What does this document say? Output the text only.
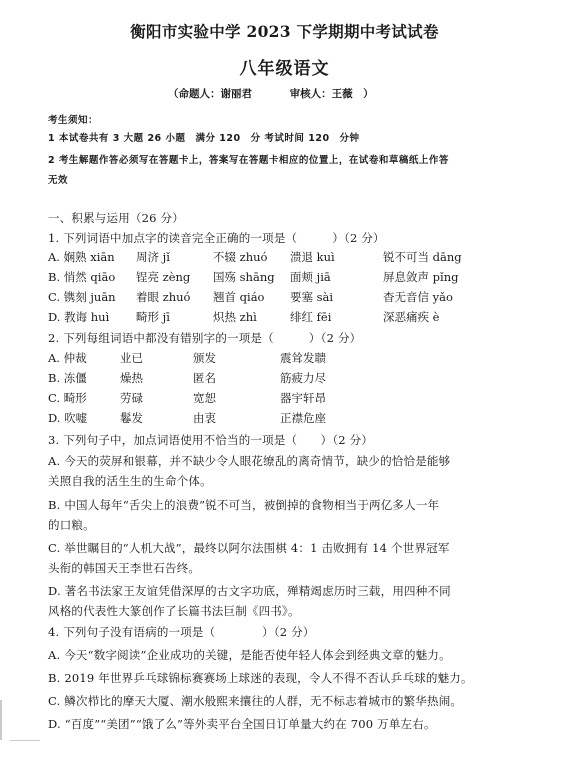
衡阳市实验中学 2023 下学期期中考试试卷
八年级语文
（命题人：谢丽君	审核人：王薇　）
考生须知：
1 本试卷共有 3 大题 26 小题　满分 120　分 考试时间 120　分钟
2 考生解题作答必须写在答题卡上，答案写在答题卡相应的位置上，在试卷和草稿纸上作答
无效
一、积累与运用（26 分）
1. 下列词语中加点字的读音完全正确的一项是（　　　）（2 分）
A. 娴熟 xiān 周济 jǐ	不辍 zhuó 溃退 kuì	锐不可当 dāng
B. 悄然 qiāo 锃亮 zèng 国殇 shāng 面颊 jiā	屏息敛声 pǐng
C. 镌刻 juān 着眼 zhuó 翘首 qiáo 要塞 sài	杳无音信 yǎo
D. 教诲 huì 畸形 jī	炽热 zhì	绯红 fēi	深恶痛疾 è
2. 下列每组词语中都没有错别字的一项是（　　　）（2 分）
A. 仲裁	业已	颁发	震耸发聩
B. 冻僵	燥热	匿名	筋疲力尽
C. 畸形	劳碌	宽恕	器宇轩昂
D. 吹嘘	鬈发	由衷	正襟危座
3. 下列句子中，加点词语使用不恰当的一项是（　　）（2 分）
A. 今天的荧屏和银幕，并不缺少令人眼花缭乱的离奇情节，缺少的恰恰是能够
关照自我的活生生的生命个体。
B. 中国人每年“舌尖上的浪费”锐不可当，被倒掉的食物相当于两亿多人一年
的口粮。
C. 举世瞩目的“人机大战”，最终以阿尔法围棋 4：1 击败拥有 14 个世界冠军
头衔的韩国天王李世石告终。
D. 著名书法家王友谊凭借深厚的古文字功底，殚精竭虑历时三载，用四种不同
风格的代表性大篆创作了长篇书法巨制《四书》。
4. 下列句子没有语病的一项是（　　　　）（2 分）
A. 今天“数字阅读”企业成功的关键，是能否使年轻人体会到经典文章的魅力。
B. 2019 年世界乒乓球锦标赛赛场上球迷的表现，令人不得不否认乒乓球的魅力。
C. 鳞次栉比的摩天大厦、潮水般熙来攘往的人群，无不标志着城市的繁华热闹。
D. “百度”“美团”“饿了么”等外卖平台全国日订单量大约在 700 万单左右。
